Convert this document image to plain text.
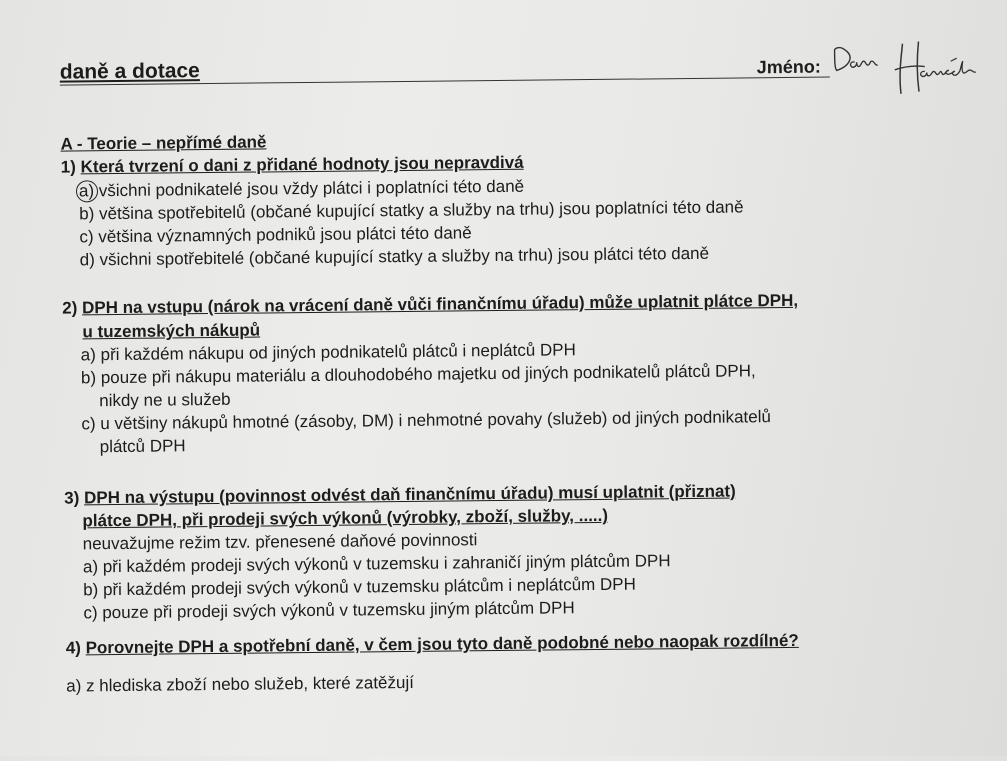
daně a dotace	Jméno:
A - Teorie – nepřímé daně
1) Která tvrzení o dani z přidané hodnoty jsou nepravdivá
a) všichni podnikatelé jsou vždy plátci i poplatníci této daně
b) většina spotřebitelů (občané kupující statky a služby na trhu) jsou poplatníci této daně
c) většina významných podniků jsou plátci této daně
d) všichni spotřebitelé (občané kupující statky a služby na trhu) jsou plátci této daně
2) DPH na vstupu (nárok na vrácení daně vůči finančnímu úřadu) může uplatnit plátce DPH,
u tuzemských nákupů
a) při každém nákupu od jiných podnikatelů plátců i neplátců DPH
b) pouze při nákupu materiálu a dlouhodobého majetku od jiných podnikatelů plátců DPH,
nikdy ne u služeb
c) u většiny nákupů hmotné (zásoby, DM) i nehmotné povahy (služeb) od jiných podnikatelů
plátců DPH
3) DPH na výstupu (povinnost odvést daň finančnímu úřadu) musí uplatnit (přiznat)
plátce DPH, při prodeji svých výkonů (výrobky, zboží, služby, .....)
neuvažujme režim tzv. přenesené daňové povinnosti
a) při každém prodeji svých výkonů v tuzemsku i zahraničí jiným plátcům DPH
b) při každém prodeji svých výkonů v tuzemsku plátcům i neplátcům DPH
c) pouze při prodeji svých výkonů v tuzemsku jiným plátcům DPH
4) Porovnejte DPH a spotřební daně, v čem jsou tyto daně podobné nebo naopak rozdílné?
a) z hlediska zboží nebo služeb, které zatěžují
